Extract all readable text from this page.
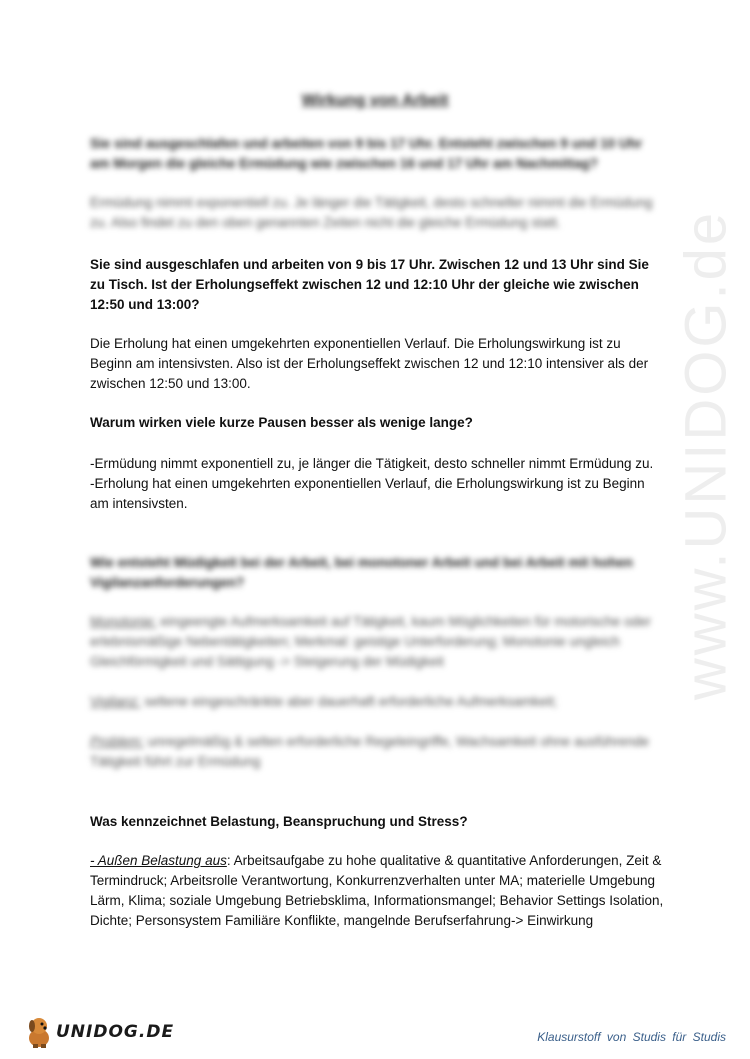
www.UNIDOG.de
Wirkung von Arbeit
Sie sind ausgeschlafen und arbeiten von 9 bis 17 Uhr. Entsteht zwischen 9 und 10 Uhr am Morgen die gleiche Ermüdung wie zwischen 16 und 17 Uhr am Nachmittag?
Ermüdung nimmt exponentiell zu. Je länger die Tätigkeit, desto schneller nimmt die Ermüdung zu. Also findet zu den oben genannten Zeiten nicht die gleiche Ermüdung statt.
Sie sind ausgeschlafen und arbeiten von 9 bis 17 Uhr. Zwischen 12 und 13 Uhr sind Sie zu Tisch. Ist der Erholungseffekt zwischen 12 und 12:10 Uhr der gleiche wie zwischen 12:50 und 13:00?
Die Erholung hat einen umgekehrten exponentiellen Verlauf. Die Erholungswirkung ist zu Beginn am intensivsten. Also ist der Erholungseffekt zwischen 12 und 12:10 intensiver als der zwischen 12:50 und 13:00.
Warum wirken viele kurze Pausen besser als wenige lange?
-Ermüdung nimmt exponentiell zu, je länger die Tätigkeit, desto schneller nimmt Ermüdung zu.
-Erholung hat einen umgekehrten exponentiellen Verlauf, die Erholungswirkung ist zu Beginn am intensivsten.
Wie entsteht Müdigkeit bei der Arbeit, bei monotoner Arbeit und bei Arbeit mit hohen Vigilanzanforderungen?
Monotonie: eingeengte Aufmerksamkeit auf Tätigkeit, kaum Möglichkeiten für motorische oder erlebnismäßige Nebentätigkeiten; Merkmal: geistige Unterforderung; Monotonie ungleich Gleichförmigkeit und Sättigung -> Steigerung der Müdigkeit
Vigilanz: seltene eingeschränkte aber dauerhaft erforderliche Aufmerksamkeit;
Problem: unregelmäßig & selten erforderliche Regeleingriffe, Wachsamkeit ohne ausführende Tätigkeit führt zur Ermüdung
Was kennzeichnet Belastung, Beanspruchung und Stress?
- Außen Belastung aus: Arbeitsaufgabe zu hohe qualitative & quantitative Anforderungen, Zeit & Termindruck; Arbeitsrolle Verantwortung, Konkurrenzverhalten unter MA; materielle Umgebung Lärm, Klima; soziale Umgebung Betriebsklima, Informationsmangel; Behavior Settings Isolation, Dichte; Personsystem Familiäre Konflikte, mangelnde Berufserfahrung-> Einwirkung
UNIDOG.DE	Klausurstoff von Studis für Studis
